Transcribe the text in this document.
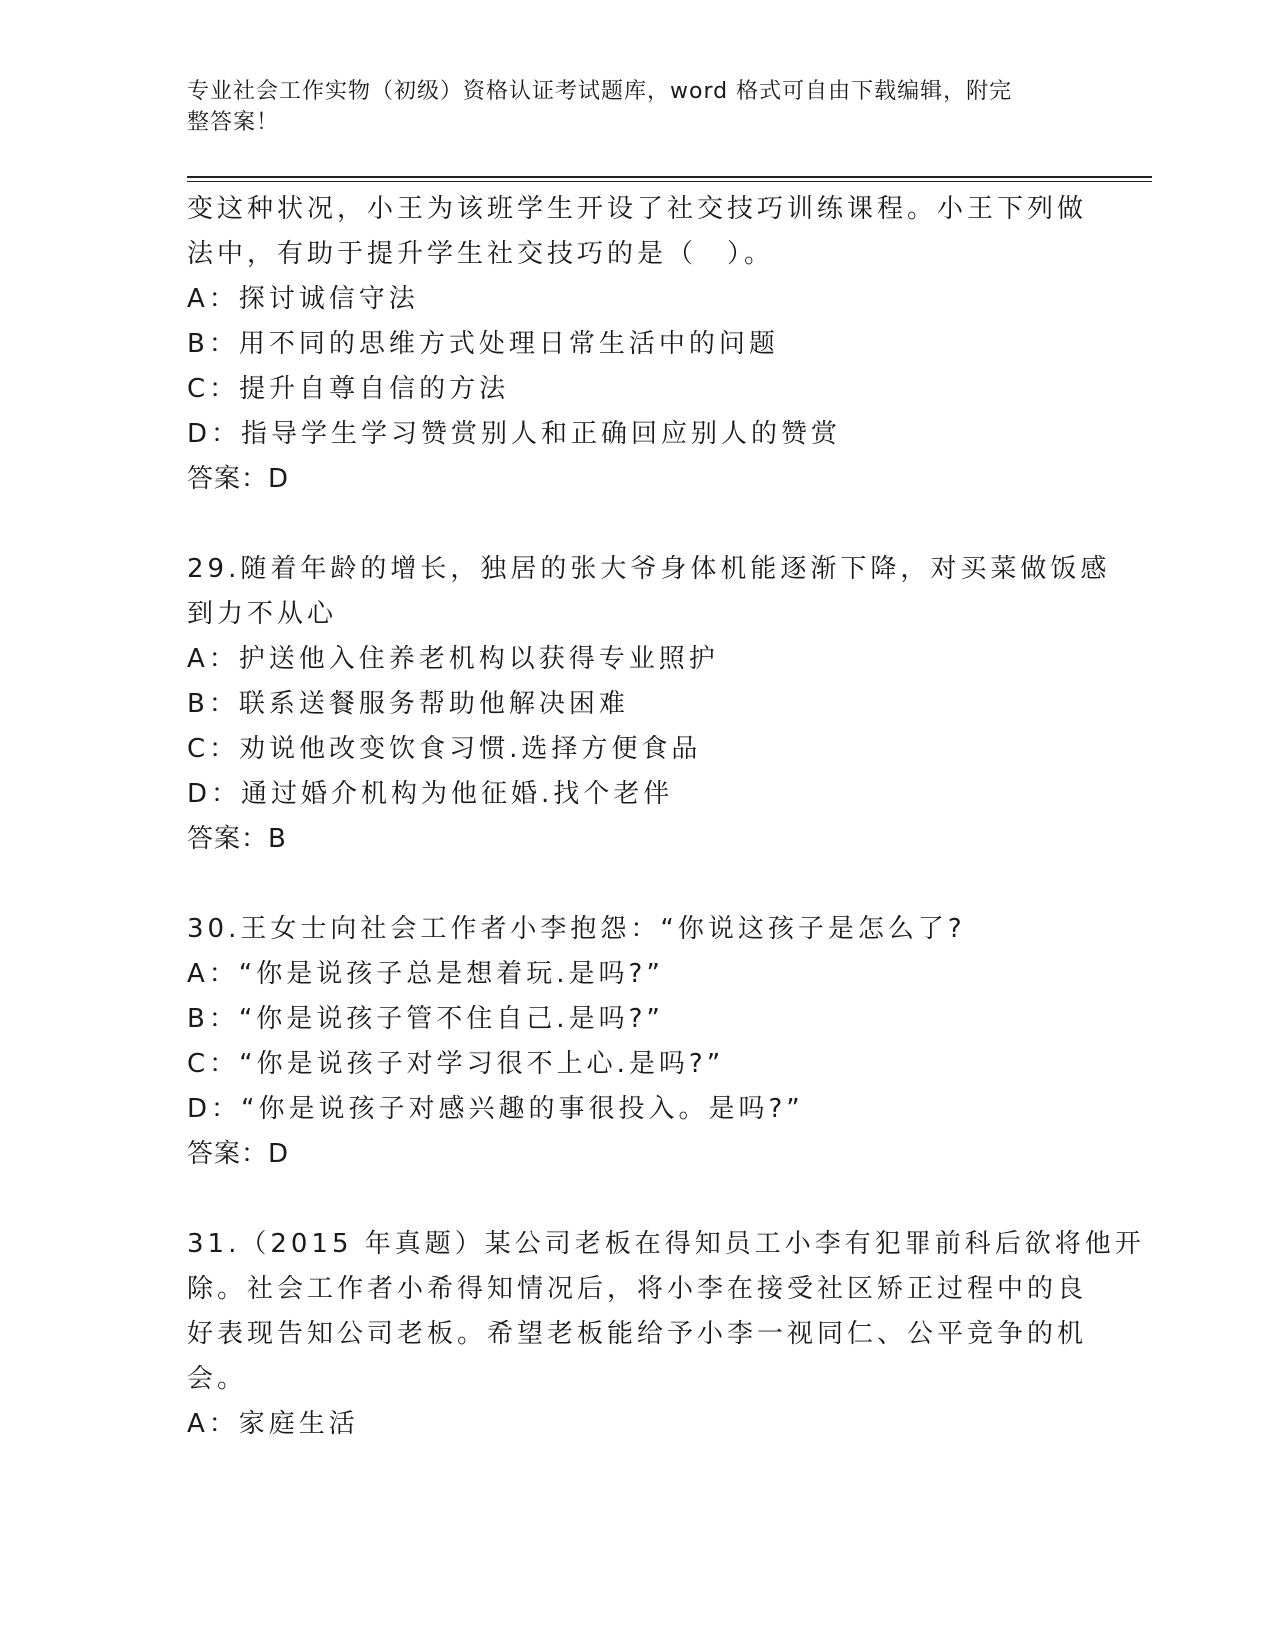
专业社会工作实物（初级）资格认证考试题库，word 格式可自由下载编辑，附完
整答案！
变这种状况，小王为该班学生开设了社交技巧训练课程。小王下列做
法中，有助于提升学生社交技巧的是（　）。
A：探讨诚信守法
B：用不同的思维方式处理日常生活中的问题
C：提升自尊自信的方法
D：指导学生学习赞赏别人和正确回应别人的赞赏
答案：D
29.随着年龄的增长，独居的张大爷身体机能逐渐下降，对买菜做饭感
到力不从心
A：护送他入住养老机构以获得专业照护
B：联系送餐服务帮助他解决困难
C：劝说他改变饮食习惯.选择方便食品
D：通过婚介机构为他征婚.找个老伴
答案：B
30.王女士向社会工作者小李抱怨：“你说这孩子是怎么了?
A：“你是说孩子总是想着玩.是吗?”
B：“你是说孩子管不住自己.是吗?”
C：“你是说孩子对学习很不上心.是吗?”
D：“你是说孩子对感兴趣的事很投入。是吗?”
答案：D
31.（2015 年真题）某公司老板在得知员工小李有犯罪前科后欲将他开
除。社会工作者小希得知情况后，将小李在接受社区矫正过程中的良
好表现告知公司老板。希望老板能给予小李一视同仁、公平竞争的机
会。
A：家庭生活
